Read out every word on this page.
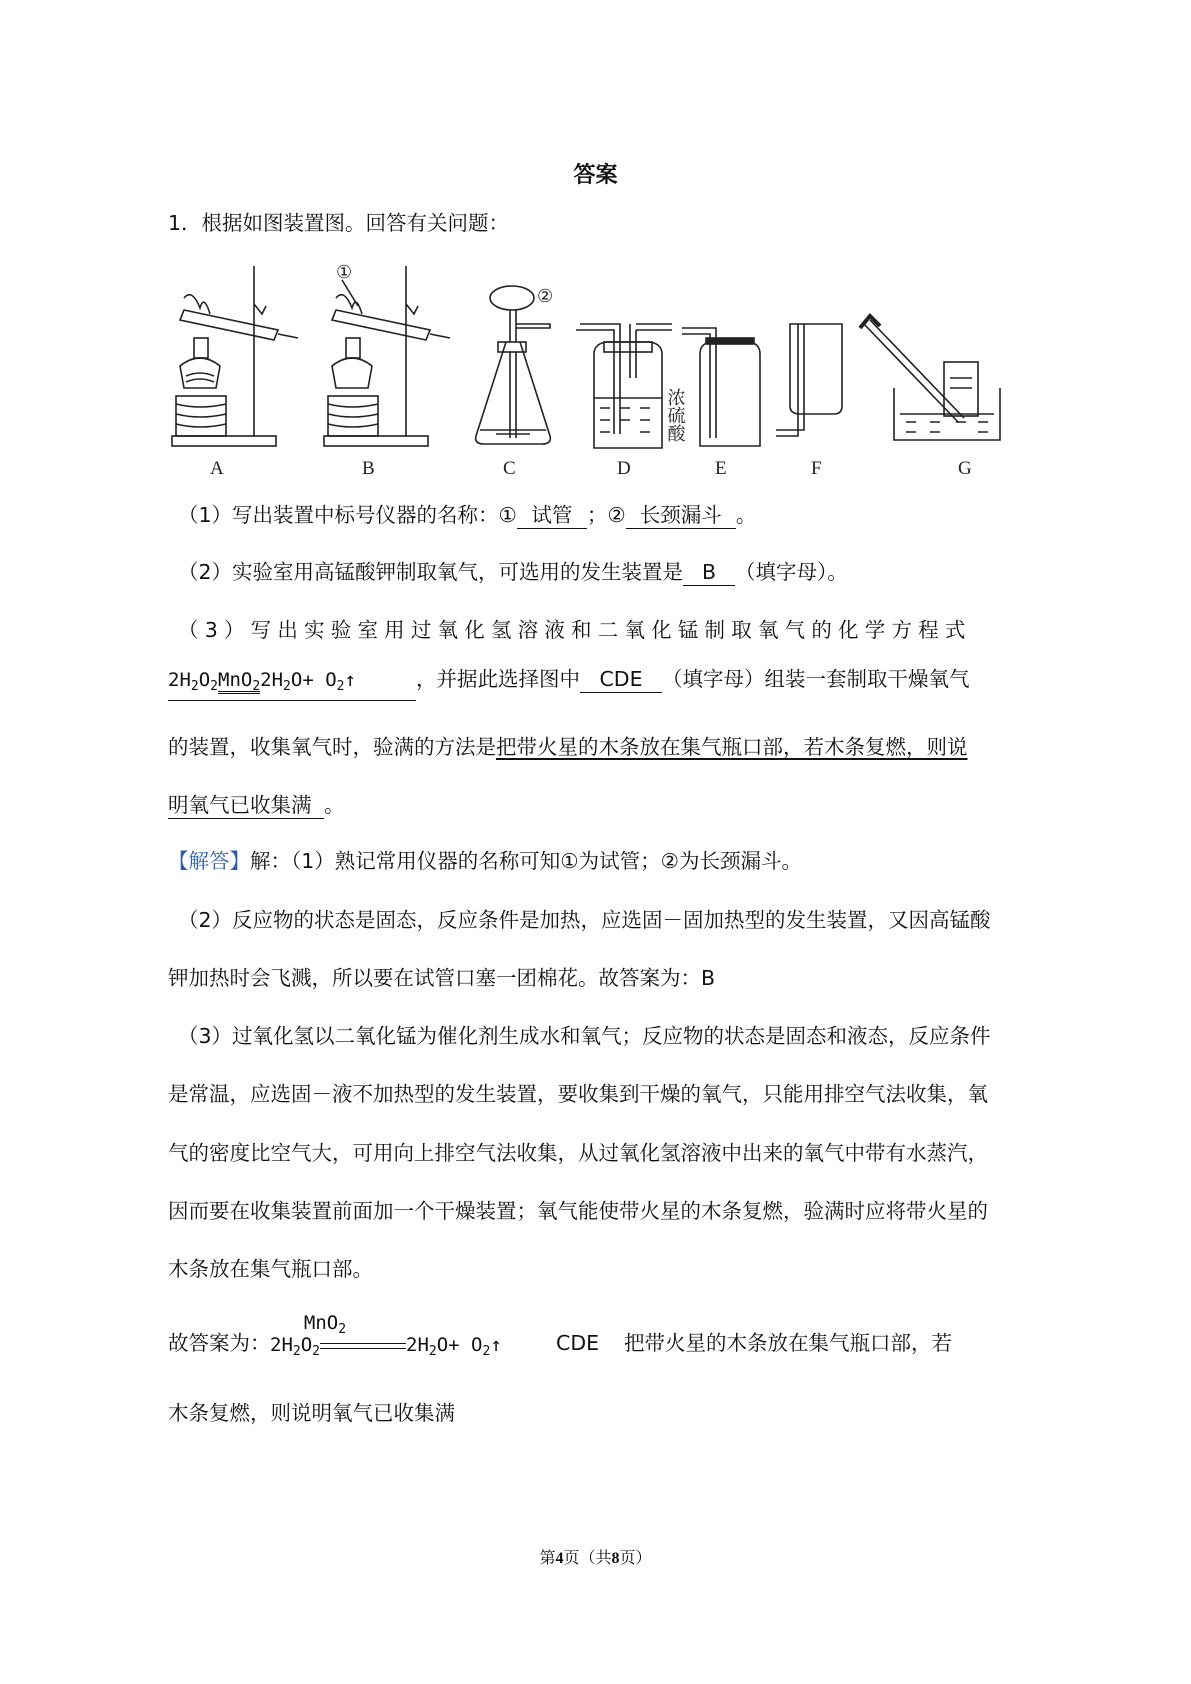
答案
1．根据如图装置图。回答有关问题：
A	B	C	D	E	F	G
①
②
浓硫酸
（1）写出装置中标号仪器的名称：① 试管 ；② 长颈漏斗 。
（2）实验室用高锰酸钾制取氧气，可选用的发生装置是 B （填字母）。
（3）写出实验室用过氧化氢溶液和二氧化锰制取氧气的化学方程式
$2H_2O_2MnO_22H_2O+$ $O_2↑$	，并据此选择图中 CDE （填字母）组装一套制取干燥氧气
的装置，收集氧气时，验满的方法是把带火星的木条放在集气瓶口部，若木条复燃，则说
明氧气已收集满 。
【解答】解：（1）熟记常用仪器的名称可知①为试管；②为长颈漏斗。
（2）反应物的状态是固态，反应条件是加热，应选固－固加热型的发生装置，又因高锰酸
钾加热时会飞溅，所以要在试管口塞一团棉花。故答案为：B
（3）过氧化氢以二氧化锰为催化剂生成水和氧气；反应物的状态是固态和液态，反应条件
是常温，应选固－液不加热型的发生装置，要收集到干燥的氧气，只能用排空气法收集，氧
气的密度比空气大，可用向上排空气法收集，从过氧化氢溶液中出来的氧气中带有水蒸汽，
因而要在收集装置前面加一个干燥装置；氧气能使带火星的木条复燃，验满时应将带火星的
木条放在集气瓶口部。
故答案为：
MnO$_2$
$2H_2O_2$	$2H_2O+$ $O_2↑$	CDE 把带火星的木条放在集气瓶口部，若
木条复燃，则说明氧气已收集满
第4页（共8页）
